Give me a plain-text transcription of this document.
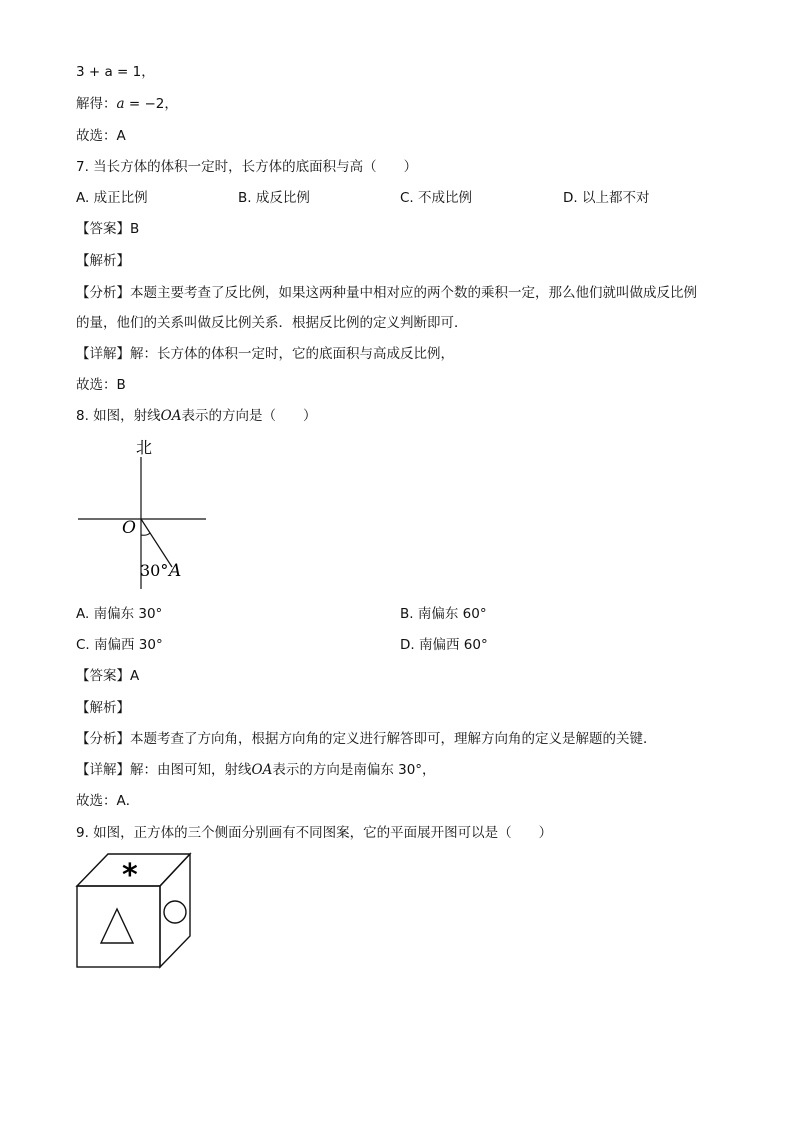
3 + a = 1，
解得：a = −2，
故选：A
7. 当长方体的体积一定时，长方体的底面积与高（　　）
A. 成正比例	B. 成反比例	C. 不成比例	D. 以上都不对
【答案】B
【解析】
【分析】本题主要考查了反比例，如果这两种量中相对应的两个数的乘积一定，那么他们就叫做成反比例
的量，他们的关系叫做反比例关系．根据反比例的定义判断即可．
【详解】解：长方体的体积一定时，它的底面积与高成反比例，
故选：B
8. 如图，射线OA表示的方向是（　　）
北
O
30° A
A. 南偏东 30°	B. 南偏东 60°
C. 南偏西 30°	D. 南偏西 60°
【答案】A
【解析】
【分析】本题考查了方向角，根据方向角的定义进行解答即可，理解方向角的定义是解题的关键．
【详解】解：由图可知，射线OA表示的方向是南偏东 30°，
故选：A．
9. 如图，正方体的三个侧面分别画有不同图案，它的平面展开图可以是（　　）
*
